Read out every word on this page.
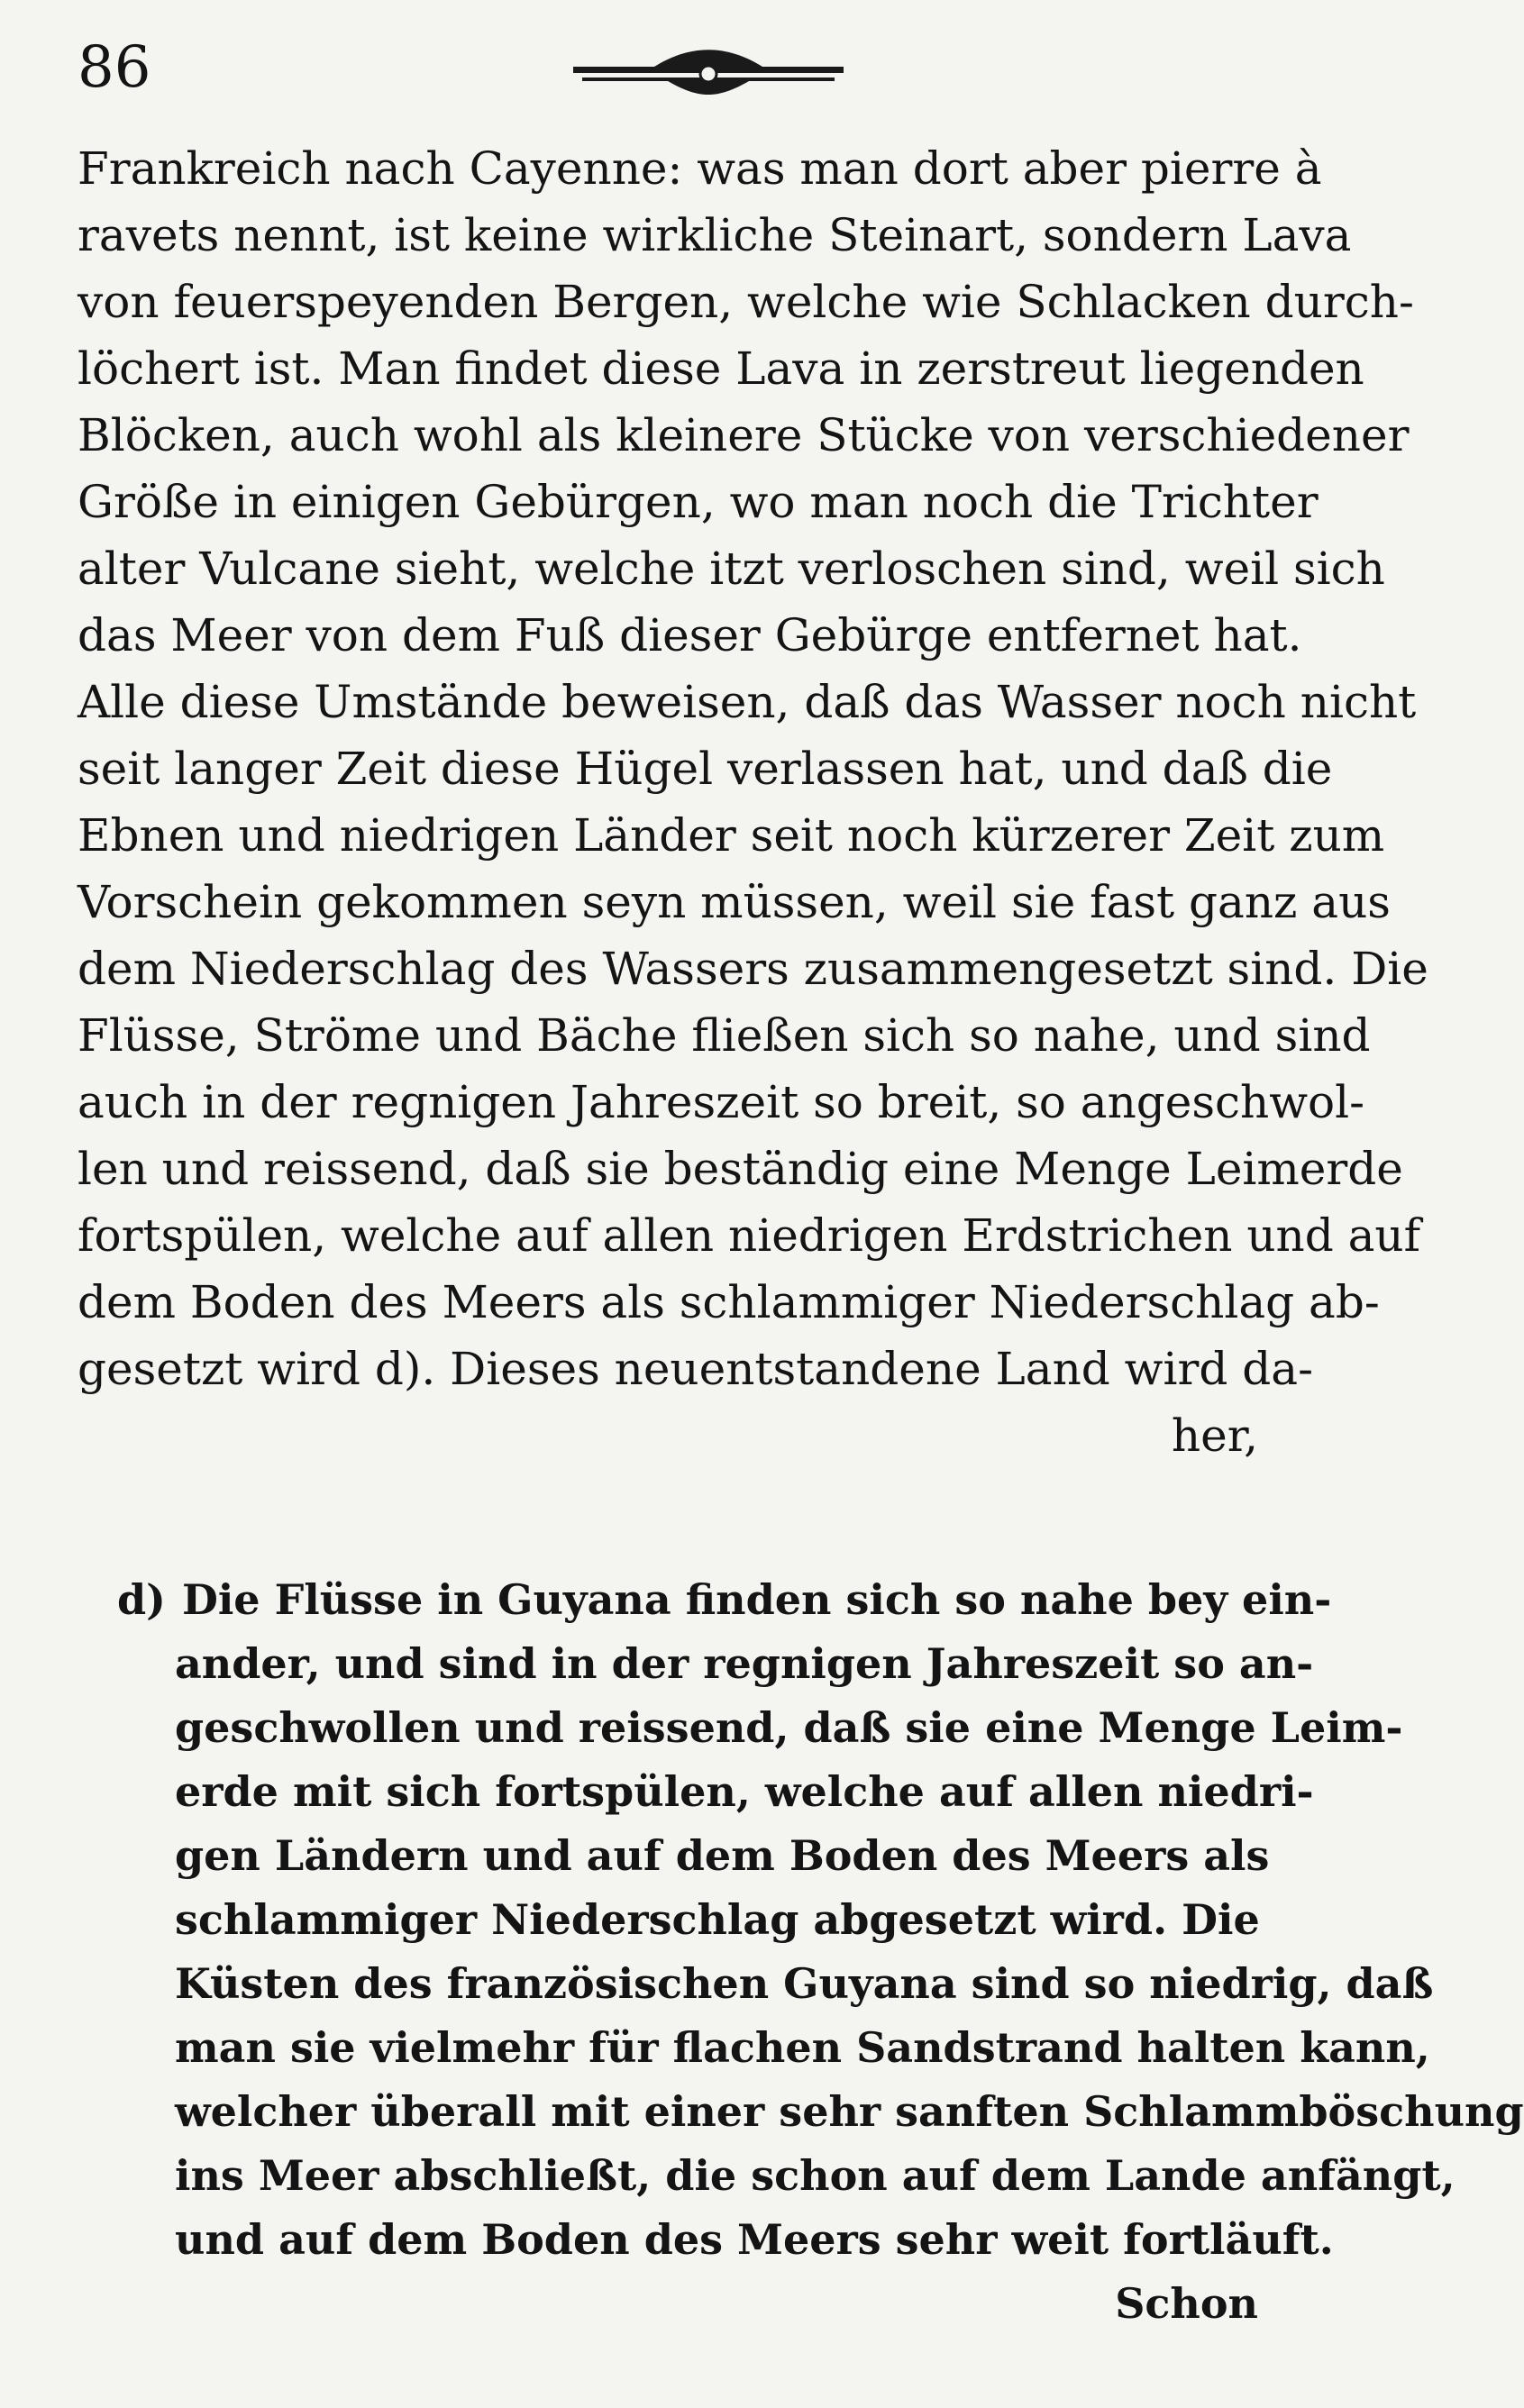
86
Frankreich nach Cayenne: was man dort aber pierre à
ravets nennt, ist keine wirkliche Steinart, sondern Lava
von feuerspeyenden Bergen, welche wie Schlacken durch-
löchert ist. Man findet diese Lava in zerstreut liegenden
Blöcken, auch wohl als kleinere Stücke von verschiedener
Größe in einigen Gebürgen, wo man noch die Trichter
alter Vulcane sieht, welche itzt verloschen sind, weil sich
das Meer von dem Fuß dieser Gebürge entfernet hat.
Alle diese Umstände beweisen, daß das Wasser noch nicht
seit langer Zeit diese Hügel verlassen hat, und daß die
Ebnen und niedrigen Länder seit noch kürzerer Zeit zum
Vorschein gekommen seyn müssen, weil sie fast ganz aus
dem Niederschlag des Wassers zusammengesetzt sind. Die
Flüsse, Ströme und Bäche fließen sich so nahe, und sind
auch in der regnigen Jahreszeit so breit, so angeschwol-
len und reissend, daß sie beständig eine Menge Leimerde
fortspülen, welche auf allen niedrigen Erdstrichen und auf
dem Boden des Meers als schlammiger Niederschlag ab-
gesetzt wird d). Dieses neuentstandene Land wird da-
her,
d) Die Flüsse in Guyana finden sich so nahe bey ein-
ander, und sind in der regnigen Jahreszeit so an-
geschwollen und reissend, daß sie eine Menge Leim-
erde mit sich fortspülen, welche auf allen niedri-
gen Ländern und auf dem Boden des Meers als
schlammiger Niederschlag abgesetzt wird. Die
Küsten des französischen Guyana sind so niedrig, daß
man sie vielmehr für flachen Sandstrand halten kann,
welcher überall mit einer sehr sanften Schlammböschung
ins Meer abschließt, die schon auf dem Lande anfängt,
und auf dem Boden des Meers sehr weit fortläuft.
Schon
